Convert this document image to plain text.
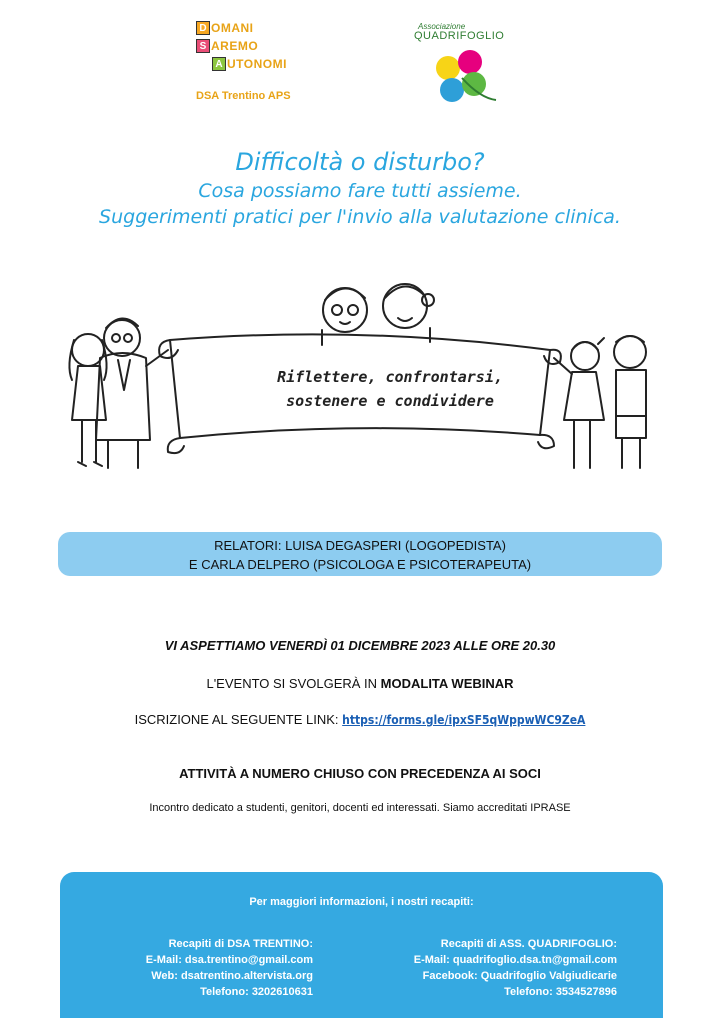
D OMANI
S AREMO
A UTONOMI
DSA Trentino APS
Associazione
QUADRIFOGLIO
Difficoltà o disturbo?
Cosa possiamo fare tutti assieme.
Suggerimenti pratici per l'invio alla valutazione clinica.
Riflettere, confrontarsi,
sostenere e condividere
RELATORI: LUISA DEGASPERI (LOGOPEDISTA)
E CARLA DELPERO (PSICOLOGA E PSICOTERAPEUTA)
VI ASPETTIAMO VENERDÌ 01 DICEMBRE 2023 ALLE ORE 20.30
L'EVENTO SI SVOLGERÀ IN MODALITA WEBINAR
ISCRIZIONE AL SEGUENTE LINK: https://forms.gle/ipxSF5qWppwWC9ZeA
ATTIVITÀ A NUMERO CHIUSO CON PRECEDENZA AI SOCI
Incontro dedicato a studenti, genitori, docenti ed interessati. Siamo accreditati IPRASE
Per maggiori informazioni, i nostri recapiti:
Recapiti di DSA TRENTINO:
E-Mail: dsa.trentino@gmail.com
Web: dsatrentino.altervista.org
Telefono: 3202610631
Recapiti di ASS. QUADRIFOGLIO:
E-Mail: quadrifoglio.dsa.tn@gmail.com
Facebook: Quadrifoglio Valgiudicarie
Telefono: 3534527896
